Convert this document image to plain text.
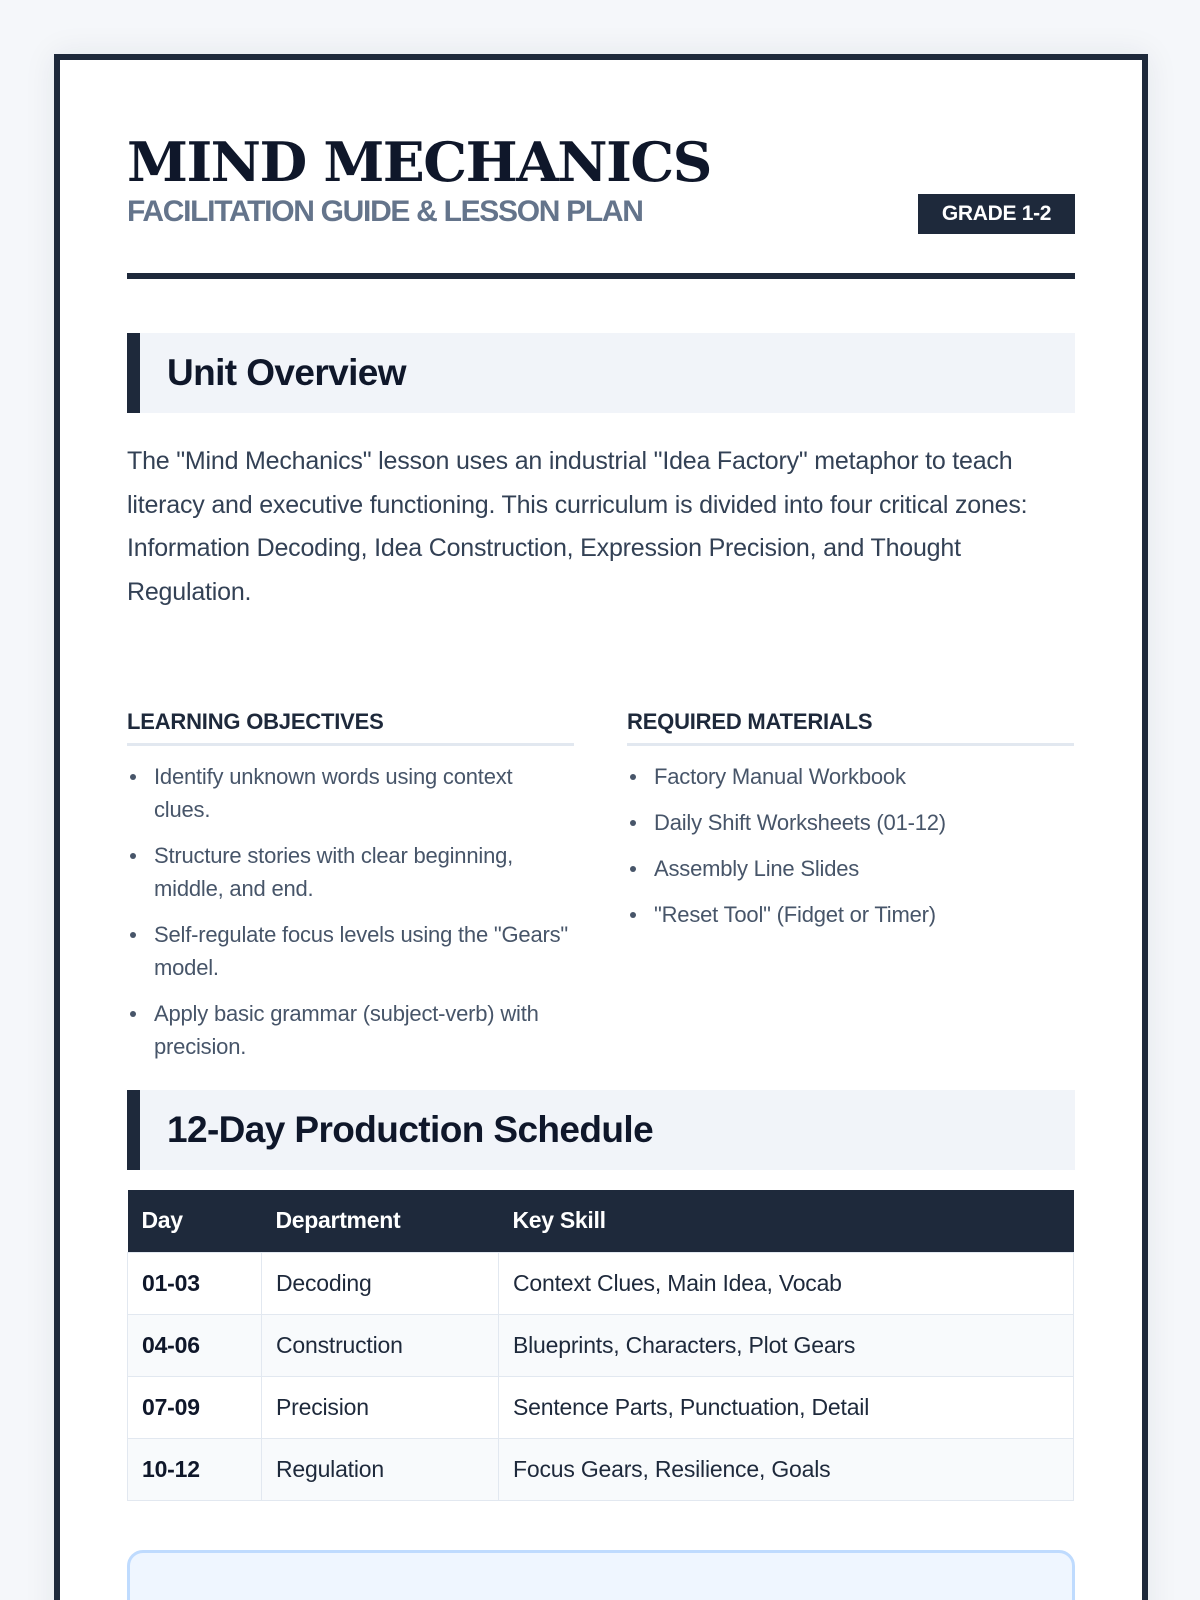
MIND MECHANICS
FACILITATION GUIDE & LESSON PLAN	GRADE 1-2
Unit Overview

The "Mind Mechanics" lesson uses an industrial "Idea Factory" metaphor to teach literacy and executive functioning. This curriculum is divided into four critical zones: Information Decoding, Idea Construction, Expression Precision, and Thought Regulation.

LEARNING OBJECTIVES
Identify unknown words using context clues.
Structure stories with clear beginning, middle, and end.
Self-regulate focus levels using the "Gears" model.
Apply basic grammar (subject-verb) with precision.
REQUIRED MATERIALS
Factory Manual Workbook
Daily Shift Worksheets (01-12)
Assembly Line Slides
"Reset Tool" (Fidget or Timer)
12-Day Production Schedule
Day	Department	Key Skill
01-03	Decoding	Context Clues, Main Idea, Vocab
04-06	Construction	Blueprints, Characters, Plot Gears
07-09	Precision	Sentence Parts, Punctuation, Detail
10-12	Regulation	Focus Gears, Resilience, Goals
